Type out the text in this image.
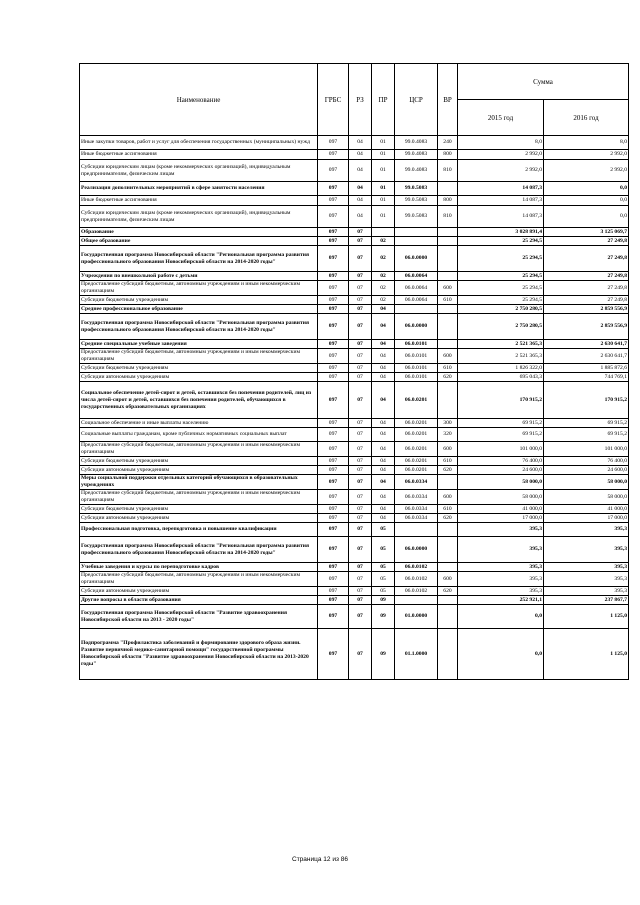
Наименование	ГРБС	РЗ	ПР	ЦСР	ВР	Сумма	
						2015 год	2016 год
Иные закупки товаров, работ и услуг для обеспечения государственных (муниципальных) нужд	097	04	01	99.0.4083	240	8,0	8,0
Иные бюджетные ассигнования	097	04	01	99.0.4083	800	2 992,0	2 992,0
Субсидии юридическим лицам (кроме некоммерческих организаций), индивидуальным предпринимателям, физическим лицам	097	04	01	99.0.4083	810	2 992,0	2 992,0
Реализация дополнительных мероприятий в сфере занятости населения	097	04	01	99.0.5083		14 087,3	0,0
Иные бюджетные ассигнования	097	04	01	99.0.5083	800	14 087,3	0,0
Субсидии юридическим лицам (кроме некоммерческих организаций), индивидуальным предпринимателям, физическим лицам	097	04	01	99.0.5083	810	14 087,3	0,0
Образование	097	07				3 028 891,4	3 125 069,7
Общее образование	097	07	02			25 294,5	27 249,8
Государственная программа Новосибирской области "Региональная программа развития профессионального образования Новосибирской области на 2014-2020 годы"	097	07	02	06.0.0000		25 294,5	27 249,8
Учреждения по внешкольной работе с детьми	097	07	02	06.0.0064		25 294,5	27 249,8
Предоставление субсидий бюджетным, автономным учреждениям и иным некоммерческим организациям	097	07	02	06.0.0064	600	25 294,5	27 249,8
Субсидии бюджетным учреждениям	097	07	02	06.0.0064	610	25 294,5	27 249,8
Среднее профессиональное образование	097	07	04			2 750 280,5	2 859 556,9
Государственная программа Новосибирской области "Региональная программа развития профессионального образования Новосибирской области на 2014-2020 годы"	097	07	04	06.0.0000		2 750 280,5	2 859 556,9
Средние специальные учебные заведения	097	07	04	06.0.0101		2 521 365,3	2 630 641,7
Предоставление субсидий бюджетным, автономным учреждениям и иным некоммерческим организациям	097	07	04	06.0.0101	600	2 521 365,3	2 630 641,7
Субсидии бюджетным учреждениям	097	07	04	06.0.0101	610	1 826 322,0	1 885 872,6
Субсидии автономным учреждениям	097	07	04	06.0.0101	620	695 043,3	744 769,1
Социальное обеспечение детей-сирот и детей, оставшихся без попечения родителей, лиц из числа детей-сирот и детей, оставшихся без попечения родителей, обучающихся в государственных образовательных организациях	097	07	04	06.0.0201		170 915,2	170 915,2
Социальное обеспечение и иные выплаты населению	097	07	04	06.0.0201	300	69 915,2	69 915,2
Социальные выплаты гражданам, кроме публичных нормативных социальных выплат	097	07	04	06.0.0201	320	69 915,2	69 915,2
Предоставление субсидий бюджетным, автономным учреждениям и иным некоммерческим организациям	097	07	04	06.0.0201	600	101 000,0	101 000,0
Субсидии бюджетным учреждениям	097	07	04	06.0.0201	610	76 400,0	76 400,0
Субсидии автономным учреждениям	097	07	04	06.0.0201	620	24 600,0	24 600,0
Меры социальной поддержки отдельных категорий обучающихся в образовательных учреждениях	097	07	04	06.0.0334		58 000,0	58 000,0
Предоставление субсидий бюджетным, автономным учреждениям и иным некоммерческим организациям	097	07	04	06.0.0334	600	58 000,0	58 000,0
Субсидии бюджетным учреждениям	097	07	04	06.0.0334	610	41 000,0	41 000,0
Субсидии автономным учреждениям	097	07	04	06.0.0334	620	17 000,0	17 000,0
Профессиональная подготовка, переподготовка и повышение квалификации	097	07	05			395,3	395,3
Государственная программа Новосибирской области "Региональная программа развития профессионального образования Новосибирской области на 2014-2020 годы"	097	07	05	06.0.0000		395,3	395,3
Учебные заведения и курсы по переподготовке кадров	097	07	05	06.0.0102		395,3	395,3
Предоставление субсидий бюджетным, автономным учреждениям и иным некоммерческим организациям	097	07	05	06.0.0102	600	395,3	395,3
Субсидии автономным учреждениям	097	07	05	06.0.0102	620	395,3	395,3
Другие вопросы в области образования	097	07	09			252 921,1	237 867,7
Государственная программа Новосибирской области "Развитие здравоохранения Новосибирской области на 2013 - 2020 годы"	097	07	09	01.0.0000		0,0	1 125,0
Подпрограмма "Профилактика заболеваний и формирование здорового образа жизни. Развитие первичной медико-санитарной помощи" государственной программы Новосибирской области "Развитие здравоохранения Новосибирской области на 2013-2020 годы"	097	07	09	01.1.0000		0,0	1 125,0
Страница 12 из 86
